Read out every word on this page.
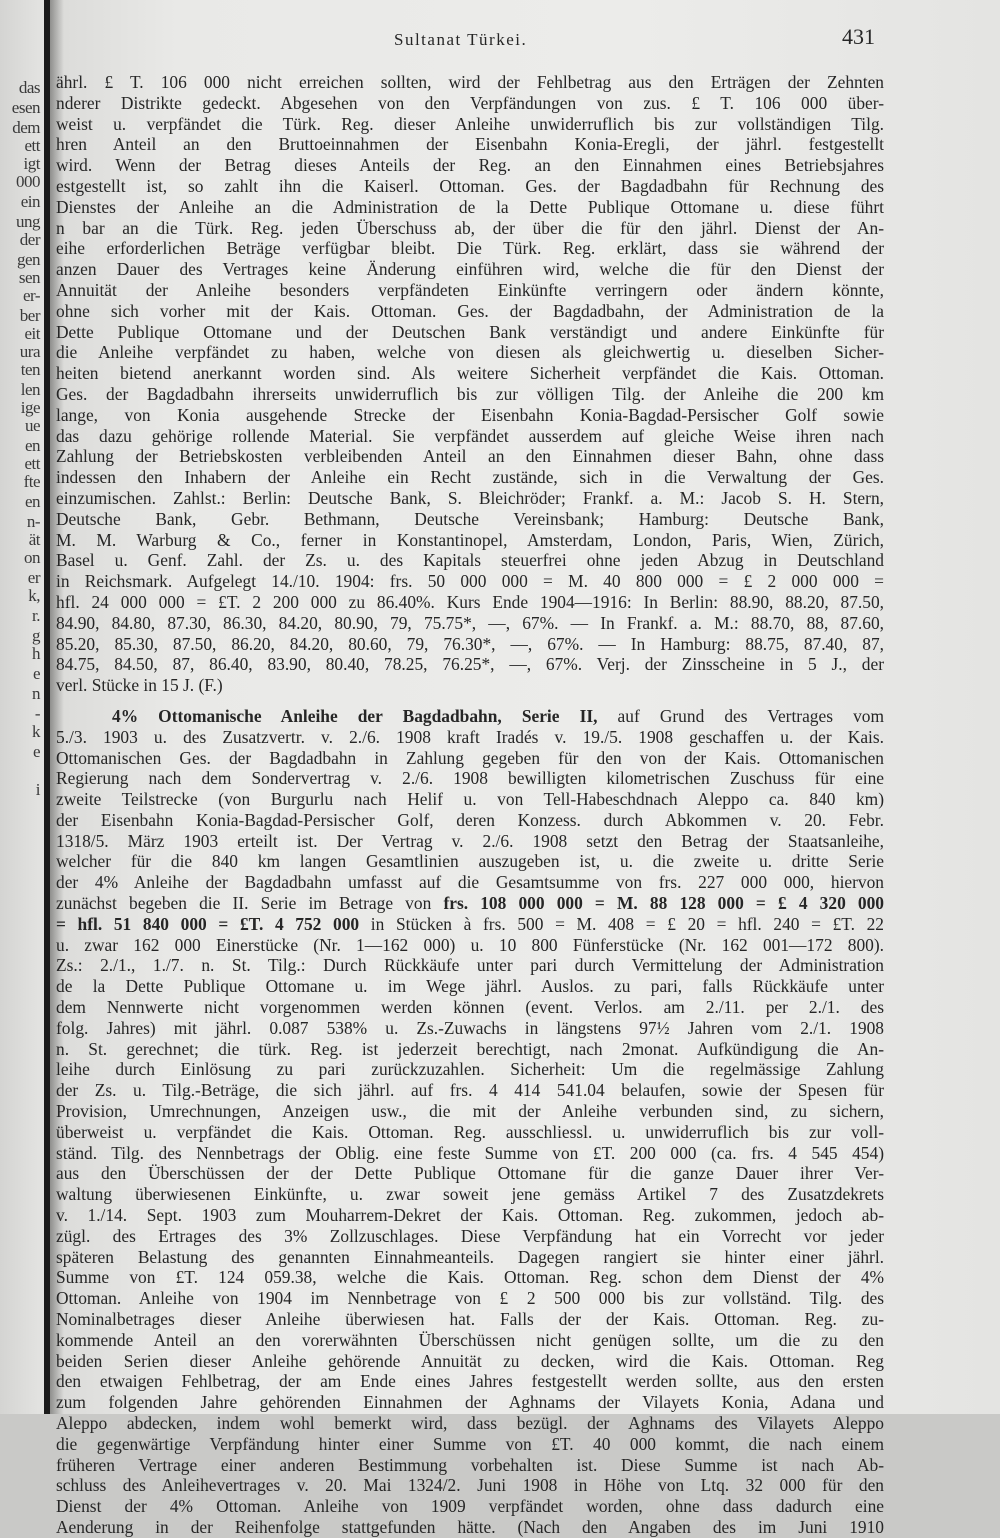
das
esen
dem
ett
igt
000
ein
ung
der
gen
sen
er-
ber
eit
ura
ten
len
ige
ue
en
ett
fte
en
n-
ät
on
er
k,
r.
g
h
e
n
-
k
e
i
Sultanat Türkei.	431
ährl. £ T. 106 000 nicht erreichen sollten, wird der Fehlbetrag aus den Erträgen der Zehnten
nderer Distrikte gedeckt. Abgesehen von den Verpfändungen von zus. £ T. 106 000 über-
weist u. verpfändet die Türk. Reg. dieser Anleihe unwiderruflich bis zur vollständigen Tilg.
hren Anteil an den Bruttoeinnahmen der Eisenbahn Konia-Eregli, der jährl. festgestellt
wird. Wenn der Betrag dieses Anteils der Reg. an den Einnahmen eines Betriebsjahres
estgestellt ist, so zahlt ihn die Kaiserl. Ottoman. Ges. der Bagdadbahn für Rechnung des
Dienstes der Anleihe an die Administration de la Dette Publique Ottomane u. diese führt
n bar an die Türk. Reg. jeden Überschuss ab, der über die für den jährl. Dienst der An-
eihe erforderlichen Beträge verfügbar bleibt. Die Türk. Reg. erklärt, dass sie während der
anzen Dauer des Vertrages keine Änderung einführen wird, welche die für den Dienst der
Annuität der Anleihe besonders verpfändeten Einkünfte verringern oder ändern könnte,
ohne sich vorher mit der Kais. Ottoman. Ges. der Bagdadbahn, der Administration de la
Dette Publique Ottomane und der Deutschen Bank verständigt und andere Einkünfte für
die Anleihe verpfändet zu haben, welche von diesen als gleichwertig u. dieselben Sicher-
heiten bietend anerkannt worden sind. Als weitere Sicherheit verpfändet die Kais. Ottoman.
Ges. der Bagdadbahn ihrerseits unwiderruflich bis zur völligen Tilg. der Anleihe die 200 km
lange, von Konia ausgehende Strecke der Eisenbahn Konia-Bagdad-Persischer Golf sowie
das dazu gehörige rollende Material. Sie verpfändet ausserdem auf gleiche Weise ihren nach
Zahlung der Betriebskosten verbleibenden Anteil an den Einnahmen dieser Bahn, ohne dass
indessen den Inhabern der Anleihe ein Recht zustände, sich in die Verwaltung der Ges.
einzumischen. Zahlst.: Berlin: Deutsche Bank, S. Bleichröder; Frankf. a. M.: Jacob S. H. Stern,
Deutsche Bank, Gebr. Bethmann, Deutsche Vereinsbank; Hamburg: Deutsche Bank,
M. M. Warburg & Co., ferner in Konstantinopel, Amsterdam, London, Paris, Wien, Zürich,
Basel u. Genf. Zahl. der Zs. u. des Kapitals steuerfrei ohne jeden Abzug in Deutschland
in Reichsmark. Aufgelegt 14./10. 1904: frs. 50 000 000 = M. 40 800 000 = £ 2 000 000 =
hfl. 24 000 000 = £T. 2 200 000 zu 86.40%. Kurs Ende 1904—1916: In Berlin: 88.90, 88.20, 87.50,
84.90, 84.80, 87.30, 86.30, 84.20, 80.90, 79, 75.75*, —, 67%. — In Frankf. a. M.: 88.70, 88, 87.60,
85.20, 85.30, 87.50, 86.20, 84.20, 80.60, 79, 76.30*, —, 67%. — In Hamburg: 88.75, 87.40, 87,
84.75, 84.50, 87, 86.40, 83.90, 80.40, 78.25, 76.25*, —, 67%. Verj. der Zinsscheine in 5 J., der
verl. Stücke in 15 J. (F.)
4% Ottomanische Anleihe der Bagdadbahn, Serie II, auf Grund des Vertrages vom
5./3. 1903 u. des Zusatzvertr. v. 2./6. 1908 kraft Iradés v. 19./5. 1908 geschaffen u. der Kais.
Ottomanischen Ges. der Bagdadbahn in Zahlung gegeben für den von der Kais. Ottomanischen
Regierung nach dem Sondervertrag v. 2./6. 1908 bewilligten kilometrischen Zuschuss für eine
zweite Teilstrecke (von Burgurlu nach Helif u. von Tell-Habeschdnach Aleppo ca. 840 km)
der Eisenbahn Konia-Bagdad-Persischer Golf, deren Konzess. durch Abkommen v. 20. Febr.
1318/5. März 1903 erteilt ist. Der Vertrag v. 2./6. 1908 setzt den Betrag der Staatsanleihe,
welcher für die 840 km langen Gesamtlinien auszugeben ist, u. die zweite u. dritte Serie
der 4% Anleihe der Bagdadbahn umfasst auf die Gesamtsumme von frs. 227 000 000, hiervon
zunächst begeben die II. Serie im Betrage von frs. 108 000 000 = M. 88 128 000 = £ 4 320 000
= hfl. 51 840 000 = £T. 4 752 000 in Stücken à frs. 500 = M. 408 = £ 20 = hfl. 240 = £T. 22
u. zwar 162 000 Einerstücke (Nr. 1—162 000) u. 10 800 Fünferstücke (Nr. 162 001—172 800).
Zs.: 2./1., 1./7. n. St. Tilg.: Durch Rückkäufe unter pari durch Vermittelung der Administration
de la Dette Publique Ottomane u. im Wege jährl. Auslos. zu pari, falls Rückkäufe unter
dem Nennwerte nicht vorgenommen werden können (event. Verlos. am 2./11. per 2./1. des
folg. Jahres) mit jährl. 0.087 538% u. Zs.-Zuwachs in längstens 97½ Jahren vom 2./1. 1908
n. St. gerechnet; die türk. Reg. ist jederzeit berechtigt, nach 2monat. Aufkündigung die An-
leihe durch Einlösung zu pari zurückzuzahlen. Sicherheit: Um die regelmässige Zahlung
der Zs. u. Tilg.-Beträge, die sich jährl. auf frs. 4 414 541.04 belaufen, sowie der Spesen für
Provision, Umrechnungen, Anzeigen usw., die mit der Anleihe verbunden sind, zu sichern,
überweist u. verpfändet die Kais. Ottoman. Reg. ausschliessl. u. unwiderruflich bis zur voll-
ständ. Tilg. des Nennbetrags der Oblig. eine feste Summe von £T. 200 000 (ca. frs. 4 545 454)
aus den Überschüssen der der Dette Publique Ottomane für die ganze Dauer ihrer Ver-
waltung überwiesenen Einkünfte, u. zwar soweit jene gemäss Artikel 7 des Zusatzdekrets
v. 1./14. Sept. 1903 zum Mouharrem-Dekret der Kais. Ottoman. Reg. zukommen, jedoch ab-
zügl. des Ertrages des 3% Zollzuschlages. Diese Verpfändung hat ein Vorrecht vor jeder
späteren Belastung des genannten Einnahmeanteils. Dagegen rangiert sie hinter einer jährl.
Summe von £T. 124 059.38, welche die Kais. Ottoman. Reg. schon dem Dienst der 4%
Ottoman. Anleihe von 1904 im Nennbetrage von £ 2 500 000 bis zur vollständ. Tilg. des
Nominalbetrages dieser Anleihe überwiesen hat. Falls der der Kais. Ottoman. Reg. zu-
kommende Anteil an den vorerwähnten Überschüssen nicht genügen sollte, um die zu den
beiden Serien dieser Anleihe gehörende Annuität zu decken, wird die Kais. Ottoman. Reg
den etwaigen Fehlbetrag, der am Ende eines Jahres festgestellt werden sollte, aus den ersten
zum folgenden Jahre gehörenden Einnahmen der Aghnams der Vilayets Konia, Adana und
Aleppo abdecken, indem wohl bemerkt wird, dass bezügl. der Aghnams des Vilayets Aleppo
die gegenwärtige Verpfändung hinter einer Summe von £T. 40 000 kommt, die nach einem
früheren Vertrage einer anderen Bestimmung vorbehalten ist. Diese Summe ist nach Ab-
schluss des Anleihevertrages v. 20. Mai 1324/2. Juni 1908 in Höhe von Ltq. 32 000 für den
Dienst der 4% Ottoman. Anleihe von 1909 verpfändet worden, ohne dass dadurch eine
Aenderung in der Reihenfolge stattgefunden hätte. (Nach den Angaben des im Juni 1910
